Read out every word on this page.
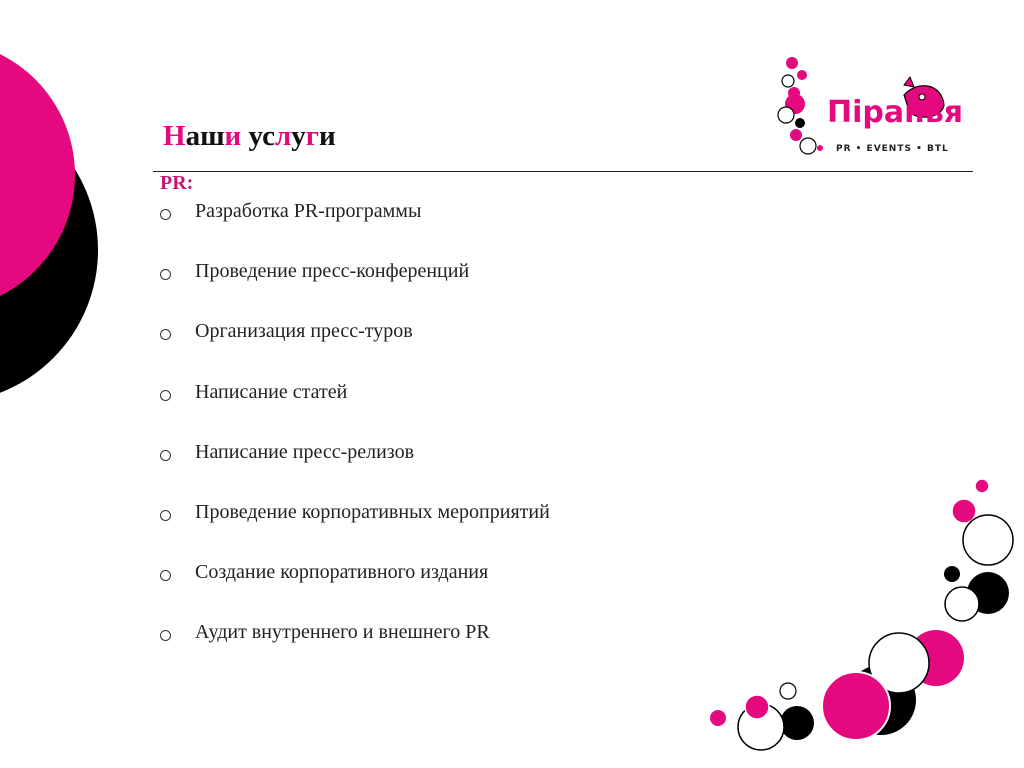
Піранья
PR • EVENTS • BTL
Наши услуги
PR:
Разработка PR-программы
Проведение пресс-конференций
Организация пресс-туров
Написание статей
Написание пресс-релизов
Проведение корпоративных мероприятий
Создание корпоративного издания
Аудит внутреннего и внешнего PR
